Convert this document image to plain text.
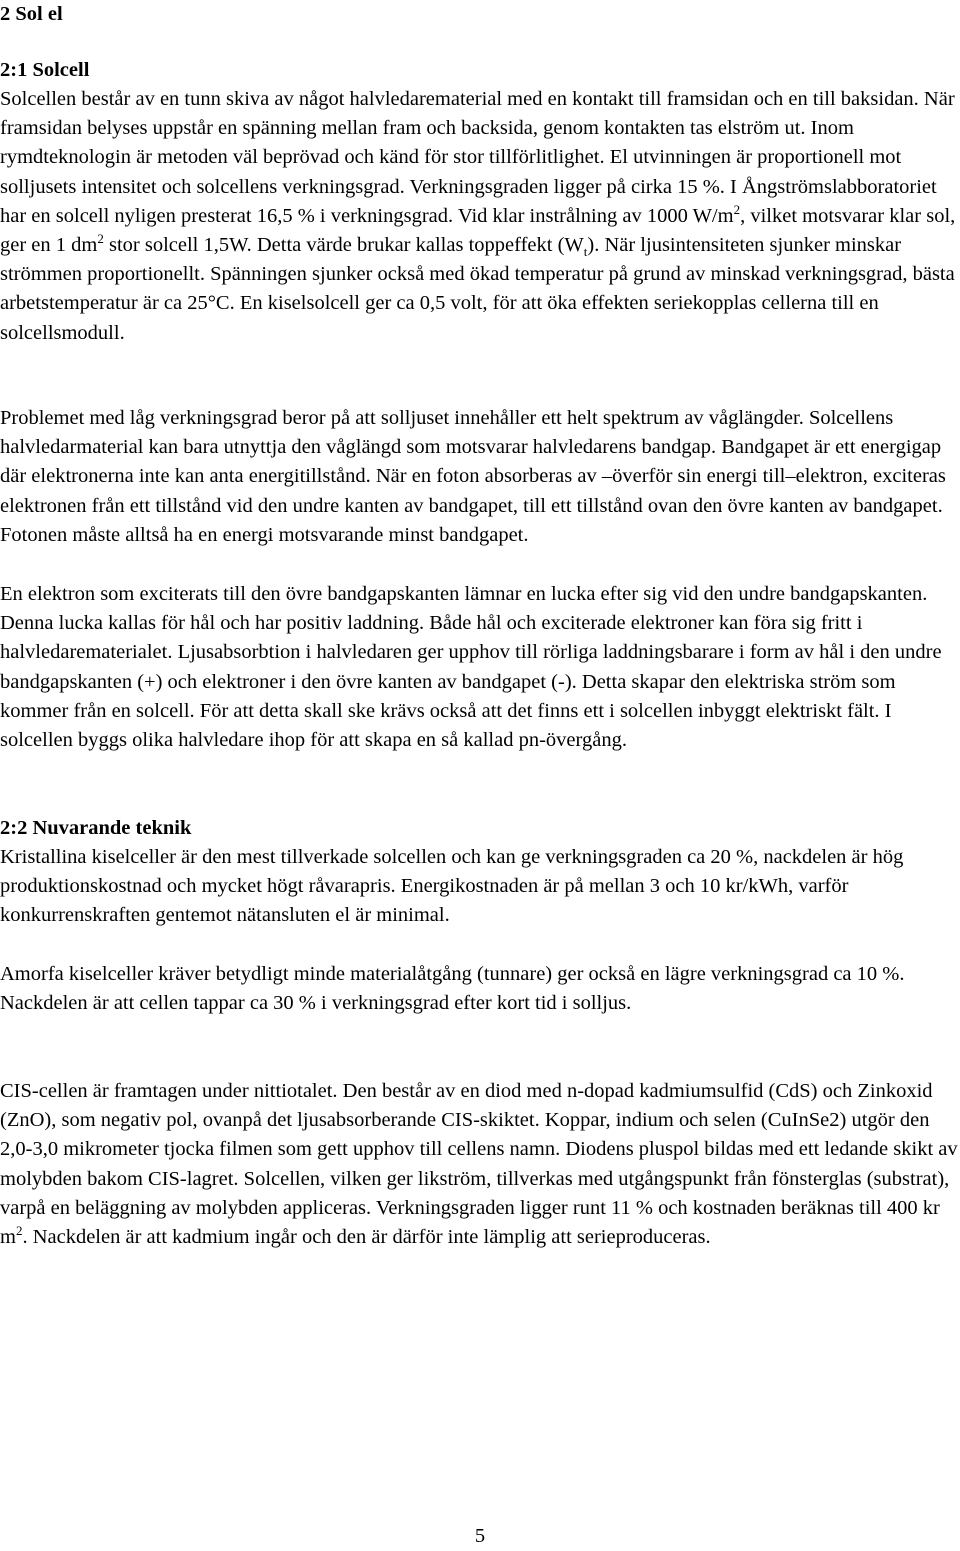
2 Sol el
2:1 Solcell

Solcellen består av en tunn skiva av något halvledarematerial med en kontakt till framsidan och en till baksidan. När framsidan belyses uppstår en spänning mellan fram och backsida, genom kontakten tas elström ut. Inom rymdteknologin är metoden väl beprövad och känd för stor tillförlitlighet. El utvinningen är proportionell mot solljusets intensitet och solcellens verkningsgrad. Verkningsgraden ligger på cirka 15 %. I Ångströmslabboratoriet har en solcell nyligen presterat 16,5 % i verkningsgrad. Vid klar instrålning av 1000 $W/m^2$, vilket motsvarar klar sol, ger en 1 $dm^2$ stor solcell 1,5W. Detta värde brukar kallas toppeffekt $(W_t)$. När ljusintensiteten sjunker minskar strömmen proportionellt. Spänningen sjunker också med ökad temperatur på grund av minskad verkningsgrad, bästa arbetstemperatur är ca 25°C. En kiselsolcell ger ca 0,5 volt, för att öka effekten seriekopplas cellerna till en solcellsmodull.

Problemet med låg verkningsgrad beror på att solljuset innehåller ett helt spektrum av våglängder. Solcellens halvledarmaterial kan bara utnyttja den våglängd som motsvarar halvledarens bandgap. Bandgapet är ett energigap där elektronerna inte kan anta energitillstånd. När en foton absorberas av –överför sin energi till–elektron, exciteras elektronen från ett tillstånd vid den undre kanten av bandgapet, till ett tillstånd ovan den övre kanten av bandgapet. Fotonen måste alltså ha en energi motsvarande minst bandgapet.

En elektron som exciterats till den övre bandgapskanten lämnar en lucka efter sig vid den undre bandgapskanten. Denna lucka kallas för hål och har positiv laddning. Både hål och exciterade elektroner kan föra sig fritt i halvledarematerialet. Ljusabsorbtion i halvledaren ger upphov till rörliga laddningsbarare i form av hål i den undre bandgapskanten (+) och elektroner i den övre kanten av bandgapet (-). Detta skapar den elektriska ström som kommer från en solcell. För att detta skall ske krävs också att det finns ett i solcellen inbyggt elektriskt fält. I solcellen byggs olika halvledare ihop för att skapa en så kallad pn-övergång.

2:2 Nuvarande teknik

Kristallina kiselceller är den mest tillverkade solcellen och kan ge verkningsgraden ca 20 %, nackdelen är hög produktionskostnad och mycket högt råvarapris. Energikostnaden är på mellan 3 och 10 kr/kWh, varför konkurrenskraften gentemot nätansluten el är minimal.

Amorfa kiselceller kräver betydligt minde materialåtgång (tunnare) ger också en lägre verkningsgrad ca 10 %. Nackdelen är att cellen tappar ca 30 % i verkningsgrad efter kort tid i solljus.

CIS-cellen är framtagen under nittiotalet. Den består av en diod med n-dopad kadmiumsulfid (CdS) och Zinkoxid (ZnO), som negativ pol, ovanpå det ljusabsorberande CIS-skiktet. Koppar, indium och selen (CuInSe2) utgör den 2,0-3,0 mikrometer tjocka filmen som gett upphov till cellens namn. Diodens pluspol bildas med ett ledande skikt av molybden bakom CIS-lagret. Solcellen, vilken ger likström, tillverkas med utgångspunkt från fönsterglas (substrat), varpå en beläggning av molybden appliceras. Verkningsgraden ligger runt 11 % och kostnaden beräknas till 400 kr $m^2$. Nackdelen är att kadmium ingår och den är därför inte lämplig att serieproduceras.

5
